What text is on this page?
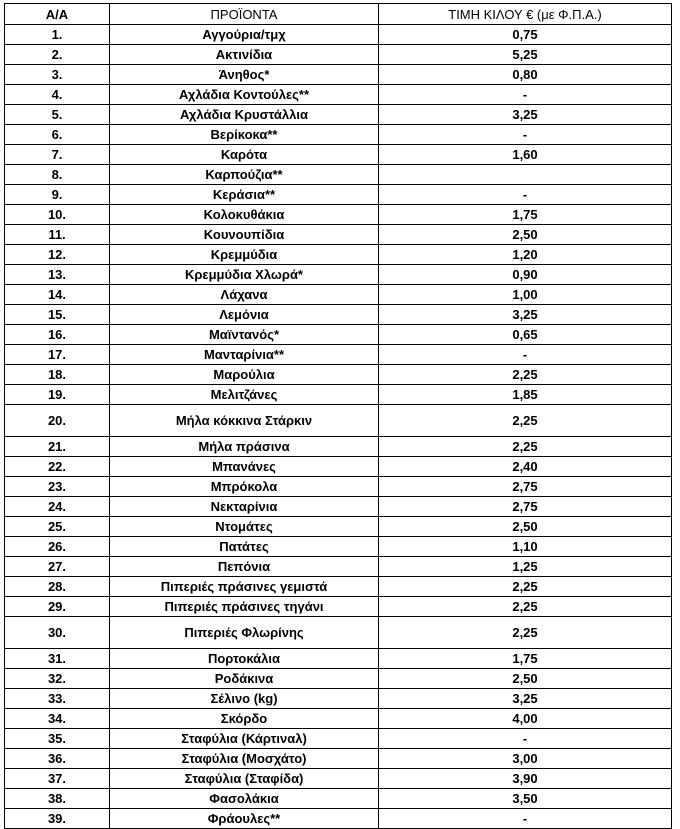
Α/Α	ΠΡΟΪΟΝΤΑ	ΤΙΜΗ ΚΙΛΟΥ € (με Φ.Π.Α.)
1.	Αγγούρια/τμχ	0,75
2.	Ακτινίδια	5,25
3.	Άνηθος*	0,80
4.	Αχλάδια Κοντούλες**	-
5.	Αχλάδια Κρυστάλλια	3,25
6.	Βερίκοκα**	-
7.	Καρότα	1,60
8.	Καρπούζια**	
9.	Κεράσια**	-
10.	Κολοκυθάκια	1,75
11.	Κουνουπίδια	2,50
12.	Κρεμμύδια	1,20
13.	Κρεμμύδια Χλωρά*	0,90
14.	Λάχανα	1,00
15.	Λεμόνια	3,25
16.	Μαϊντανός*	0,65
17.	Μανταρίνια**	-
18.	Μαρούλια	2,25
19.	Μελιτζάνες	1,85
20.	Μήλα κόκκινα Στάρκιν	2,25
21.	Μήλα πράσινα	2,25
22.	Μπανάνες	2,40
23.	Μπρόκολα	2,75
24.	Νεκταρίνια	2,75
25.	Ντομάτες	2,50
26.	Πατάτες	1,10
27.	Πεπόνια	1,25
28.	Πιπεριές πράσινες γεμιστά	2,25
29.	Πιπεριές πράσινες τηγάνι	2,25
30.	Πιπεριές Φλωρίνης	2,25
31.	Πορτοκάλια	1,75
32.	Ροδάκινα	2,50
33.	Σέλινο (kg)	3,25
34.	Σκόρδο	4,00
35.	Σταφύλια (Κάρτιναλ)	-
36.	Σταφύλια (Μοσχάτο)	3,00
37.	Σταφύλια (Σταφίδα)	3,90
38.	Φασολάκια	3,50
39.	Φράουλες**	-
